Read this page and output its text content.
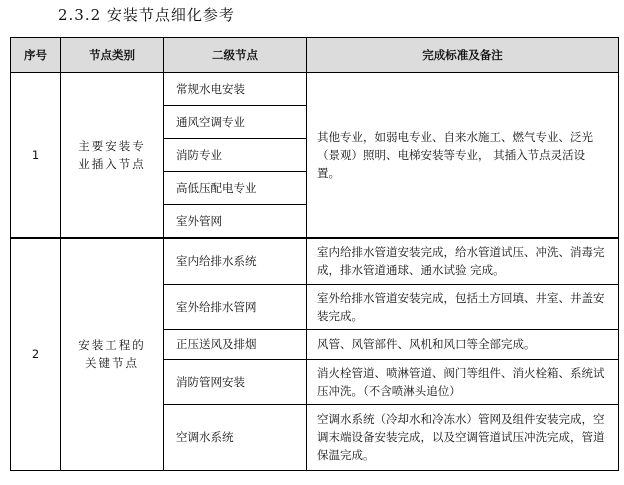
2.3.2 安装节点细化参考
序号	节点类别	二级节点	完成标准及备注
1	主要安装专业插入节点	常规水电安装	其他专业，如弱电专业、自来水施工、燃气专业、泛光（景观）照明、电梯安装等专业， 其插入节点灵活设置。
		通风空调专业	
		消防专业	
		高低压配电专业	
		室外管网	
2	安装工程的关键节点	室内给排水系统	室内给排水管道安装完成，给水管道试压、冲洗、消毒完成，排水管道通球、通水试验 完成。
		室外给排水管网	室外给排水管道安装完成，包括土方回填、井室、井盖安装完成。
		正压送风及排烟	风管、风管部件、风机和风口等全部完成。
		消防管网安装	消火栓管道、喷淋管道、阀门等组件、消火栓箱、系统试压冲洗。（不含喷淋头追位）
		空调水系统	空调水系统（冷却水和冷冻水）管网及组件安装完成，空调末端设备安装完成，以及空调管道试压冲洗完成，管道保温完成。
